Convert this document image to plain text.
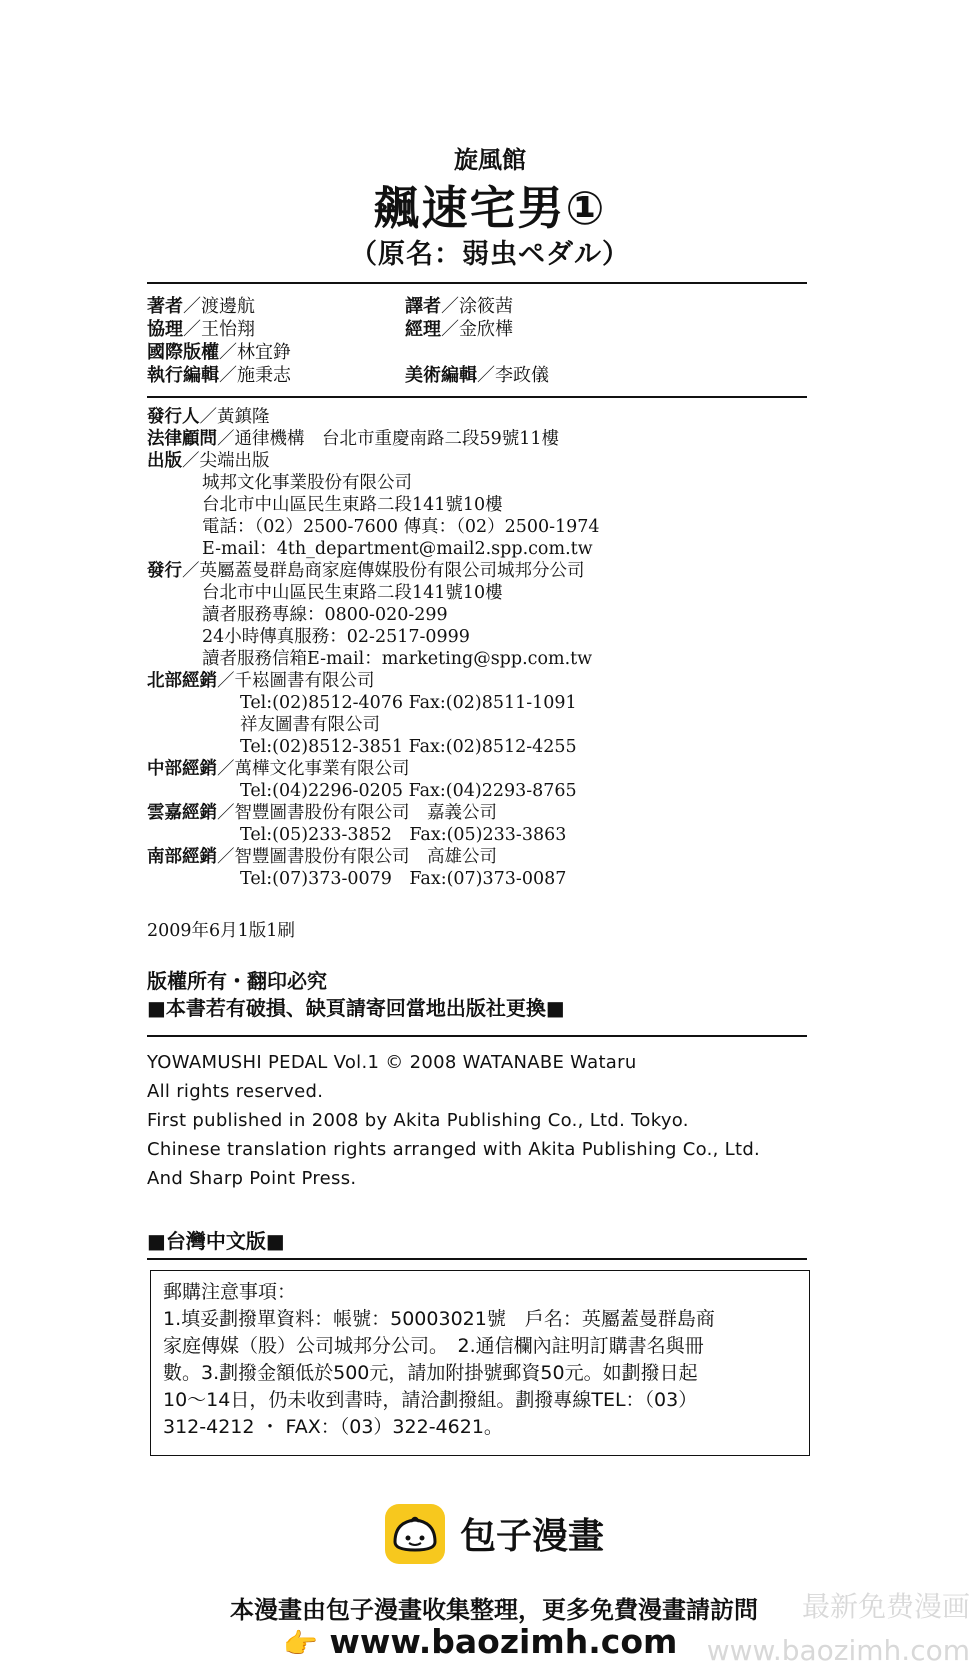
旋風館
飆速宅男①
（原名：弱虫ペダル）
著者／渡邊航	譯者／涂筱茜
協理／王怡翔	經理／金欣樺
國際版權／林宜錚
執行編輯／施秉志	美術編輯／李政儀
發行人／黃鎮隆
法律顧問／通律機構　台北市重慶南路二段59號11樓
出版／尖端出版
城邦文化事業股份有限公司
台北市中山區民生東路二段141號10樓
電話：（02）2500-7600 傳真：（02）2500-1974
E-mail：4th_department@mail2.spp.com.tw
發行／英屬蓋曼群島商家庭傳媒股份有限公司城邦分公司
台北市中山區民生東路二段141號10樓
讀者服務專線：0800-020-299
24小時傳真服務：02-2517-0999
讀者服務信箱E-mail：marketing@spp.com.tw
北部經銷／千崧圖書有限公司
Tel:(02)8512-4076 Fax:(02)8511-1091
祥友圖書有限公司
Tel:(02)8512-3851 Fax:(02)8512-4255
中部經銷／萬樺文化事業有限公司
Tel:(04)2296-0205 Fax:(04)2293-8765
雲嘉經銷／智豐圖書股份有限公司　嘉義公司
Tel:(05)233-3852　Fax:(05)233-3863
南部經銷／智豐圖書股份有限公司　高雄公司
Tel:(07)373-0079　Fax:(07)373-0087
2009年6月1版1刷
版權所有・翻印必究
■本書若有破損、缺頁請寄回當地出版社更換■
YOWAMUSHI PEDAL Vol.1 © 2008 WATANABE Wataru
All rights reserved.
First published in 2008 by Akita Publishing Co., Ltd. Tokyo.
Chinese translation rights arranged with Akita Publishing Co., Ltd.
And Sharp Point Press.
■台灣中文版■
郵購注意事項：
1.填妥劃撥單資料：帳號：50003021號　戶名：英屬蓋曼群島商
家庭傳媒（股）公司城邦分公司。　2.通信欄內註明訂購書名與冊
數。3.劃撥金額低於500元，請加附掛號郵資50元。如劃撥日起
10～14日，仍未收到書時，請洽劃撥組。劃撥專線TEL：（03）
312-4212 ・ FAX：（03）322-4621。
包子漫畫
本漫畫由包子漫畫收集整理，更多免費漫畫請訪問
👉 www.baozimh.com
最新免费漫画
www.baozimh.com
